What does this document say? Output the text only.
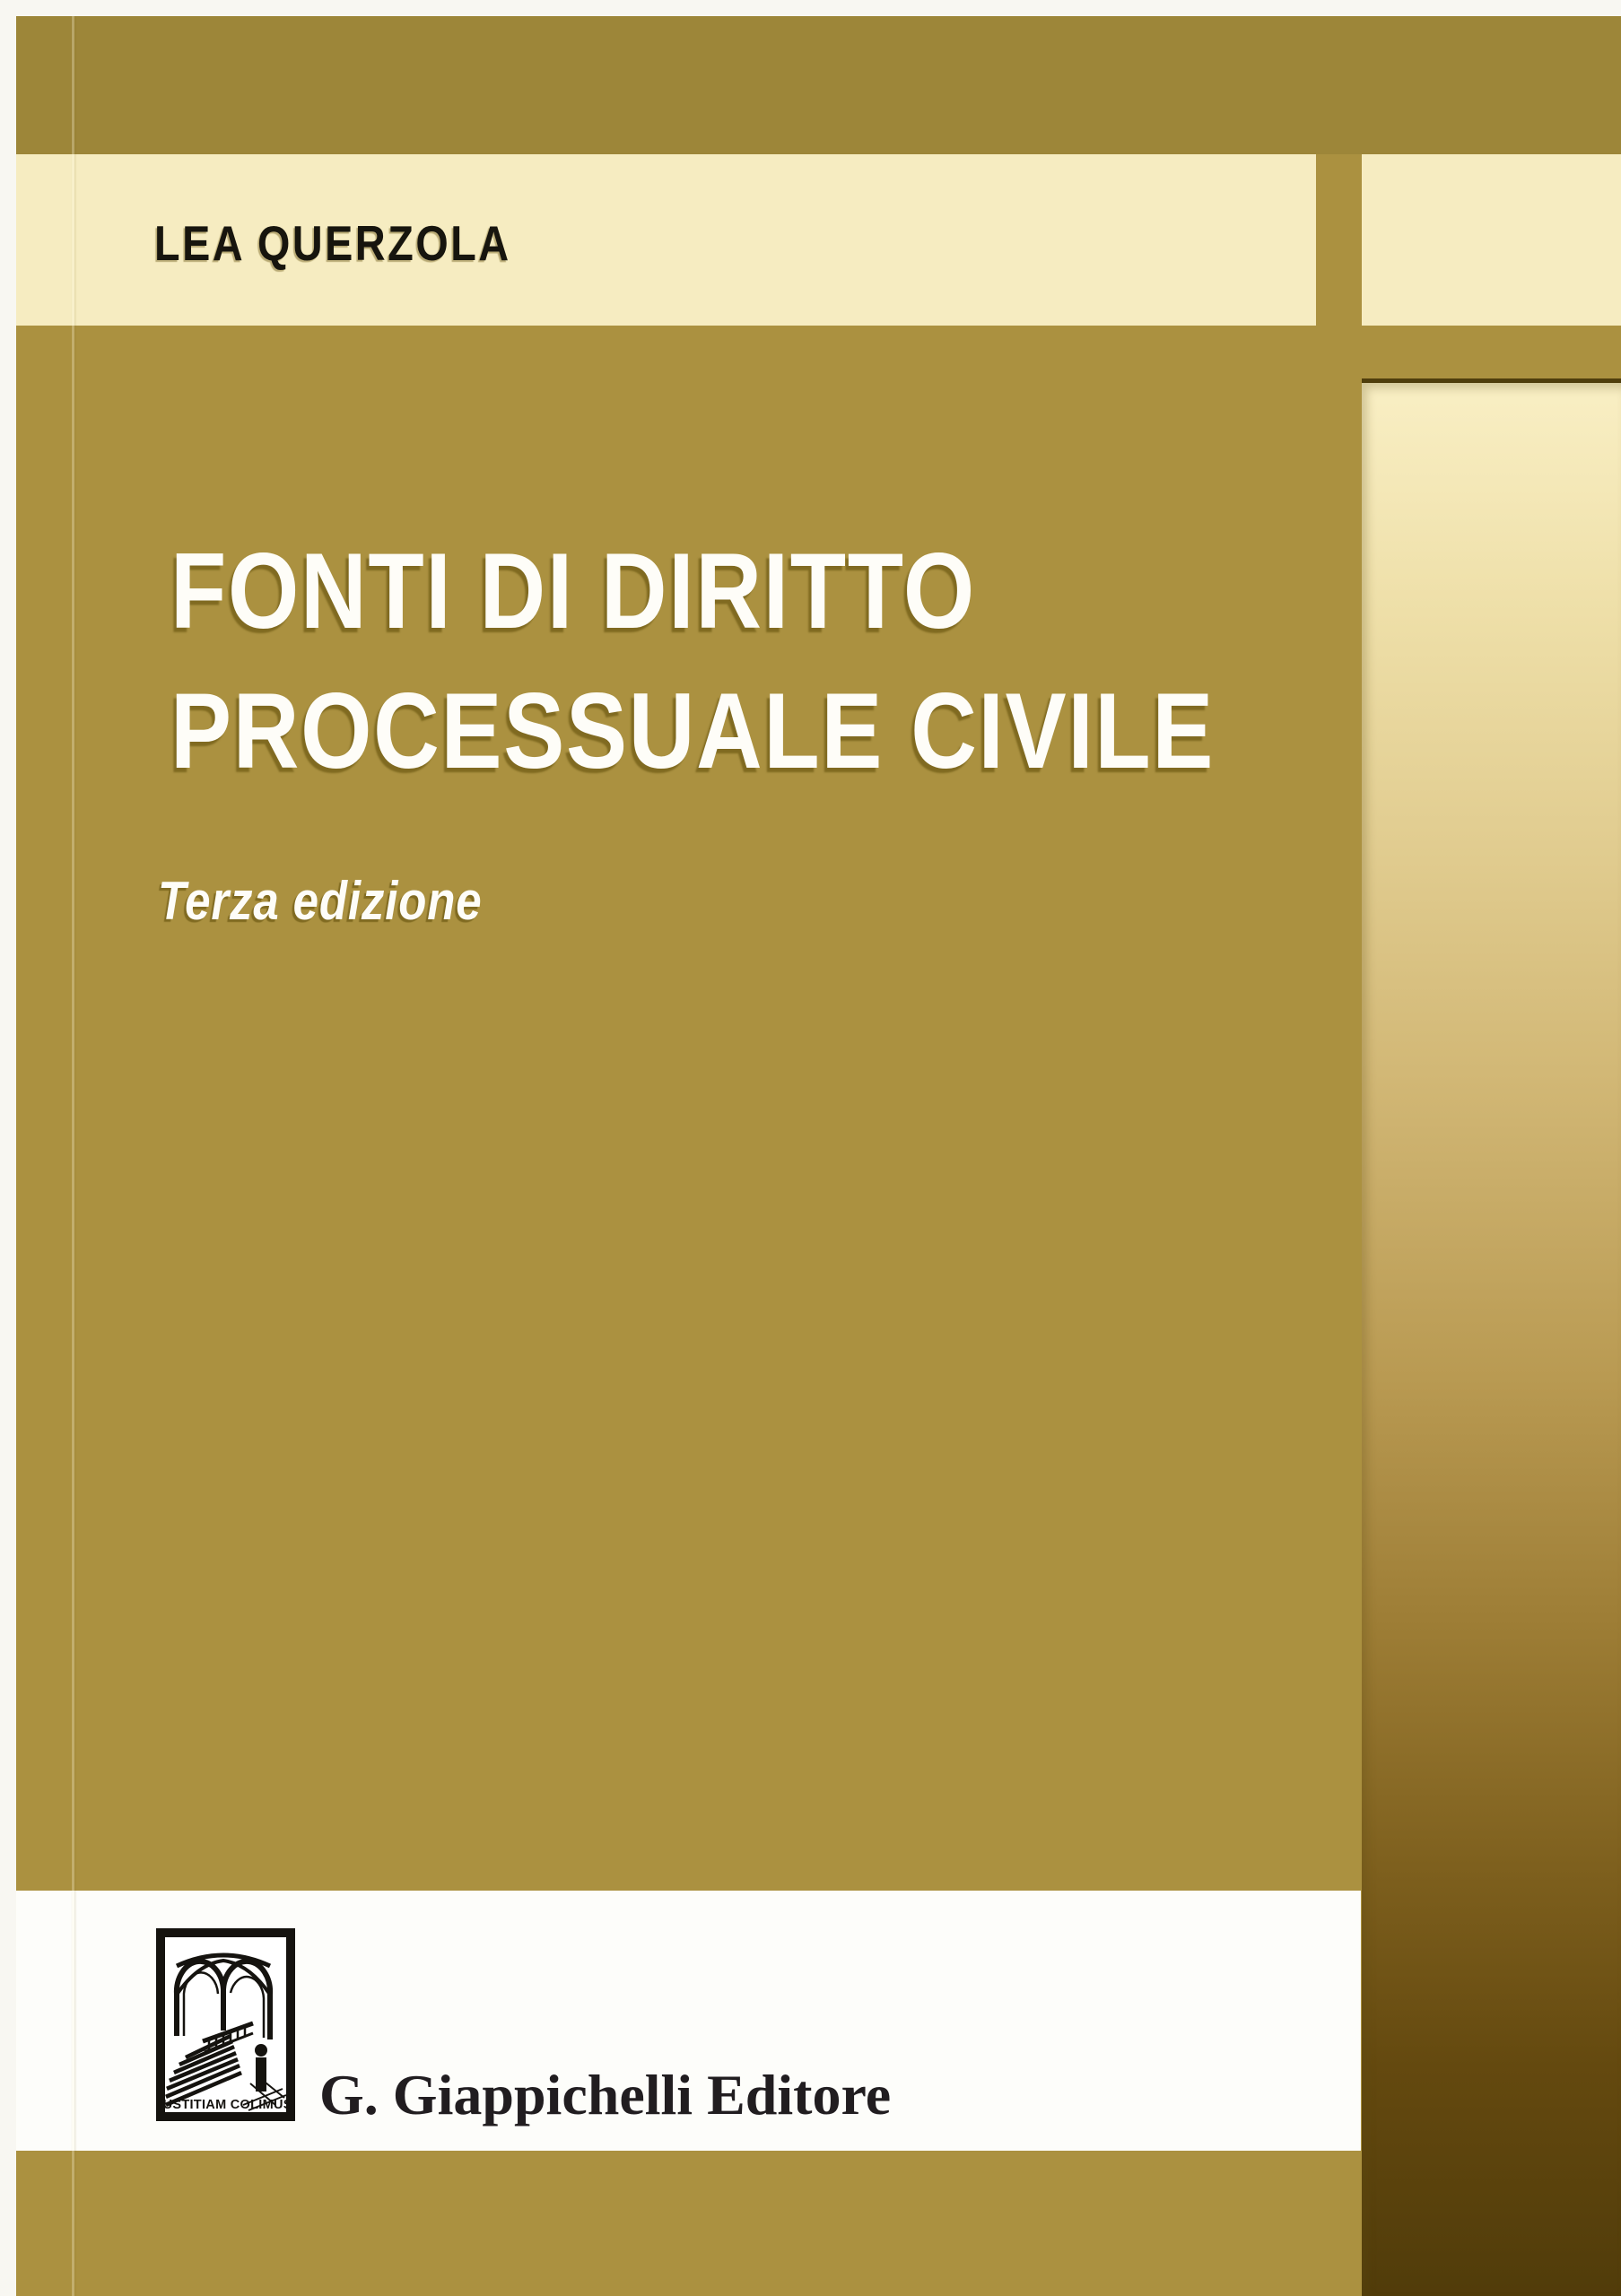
LEA QUERZOLA
FONTI DI DIRITTO
PROCESSUALE CIVILE
Terza edizione
IUSTITIAM COLIMUS G. Giappichelli Editore
